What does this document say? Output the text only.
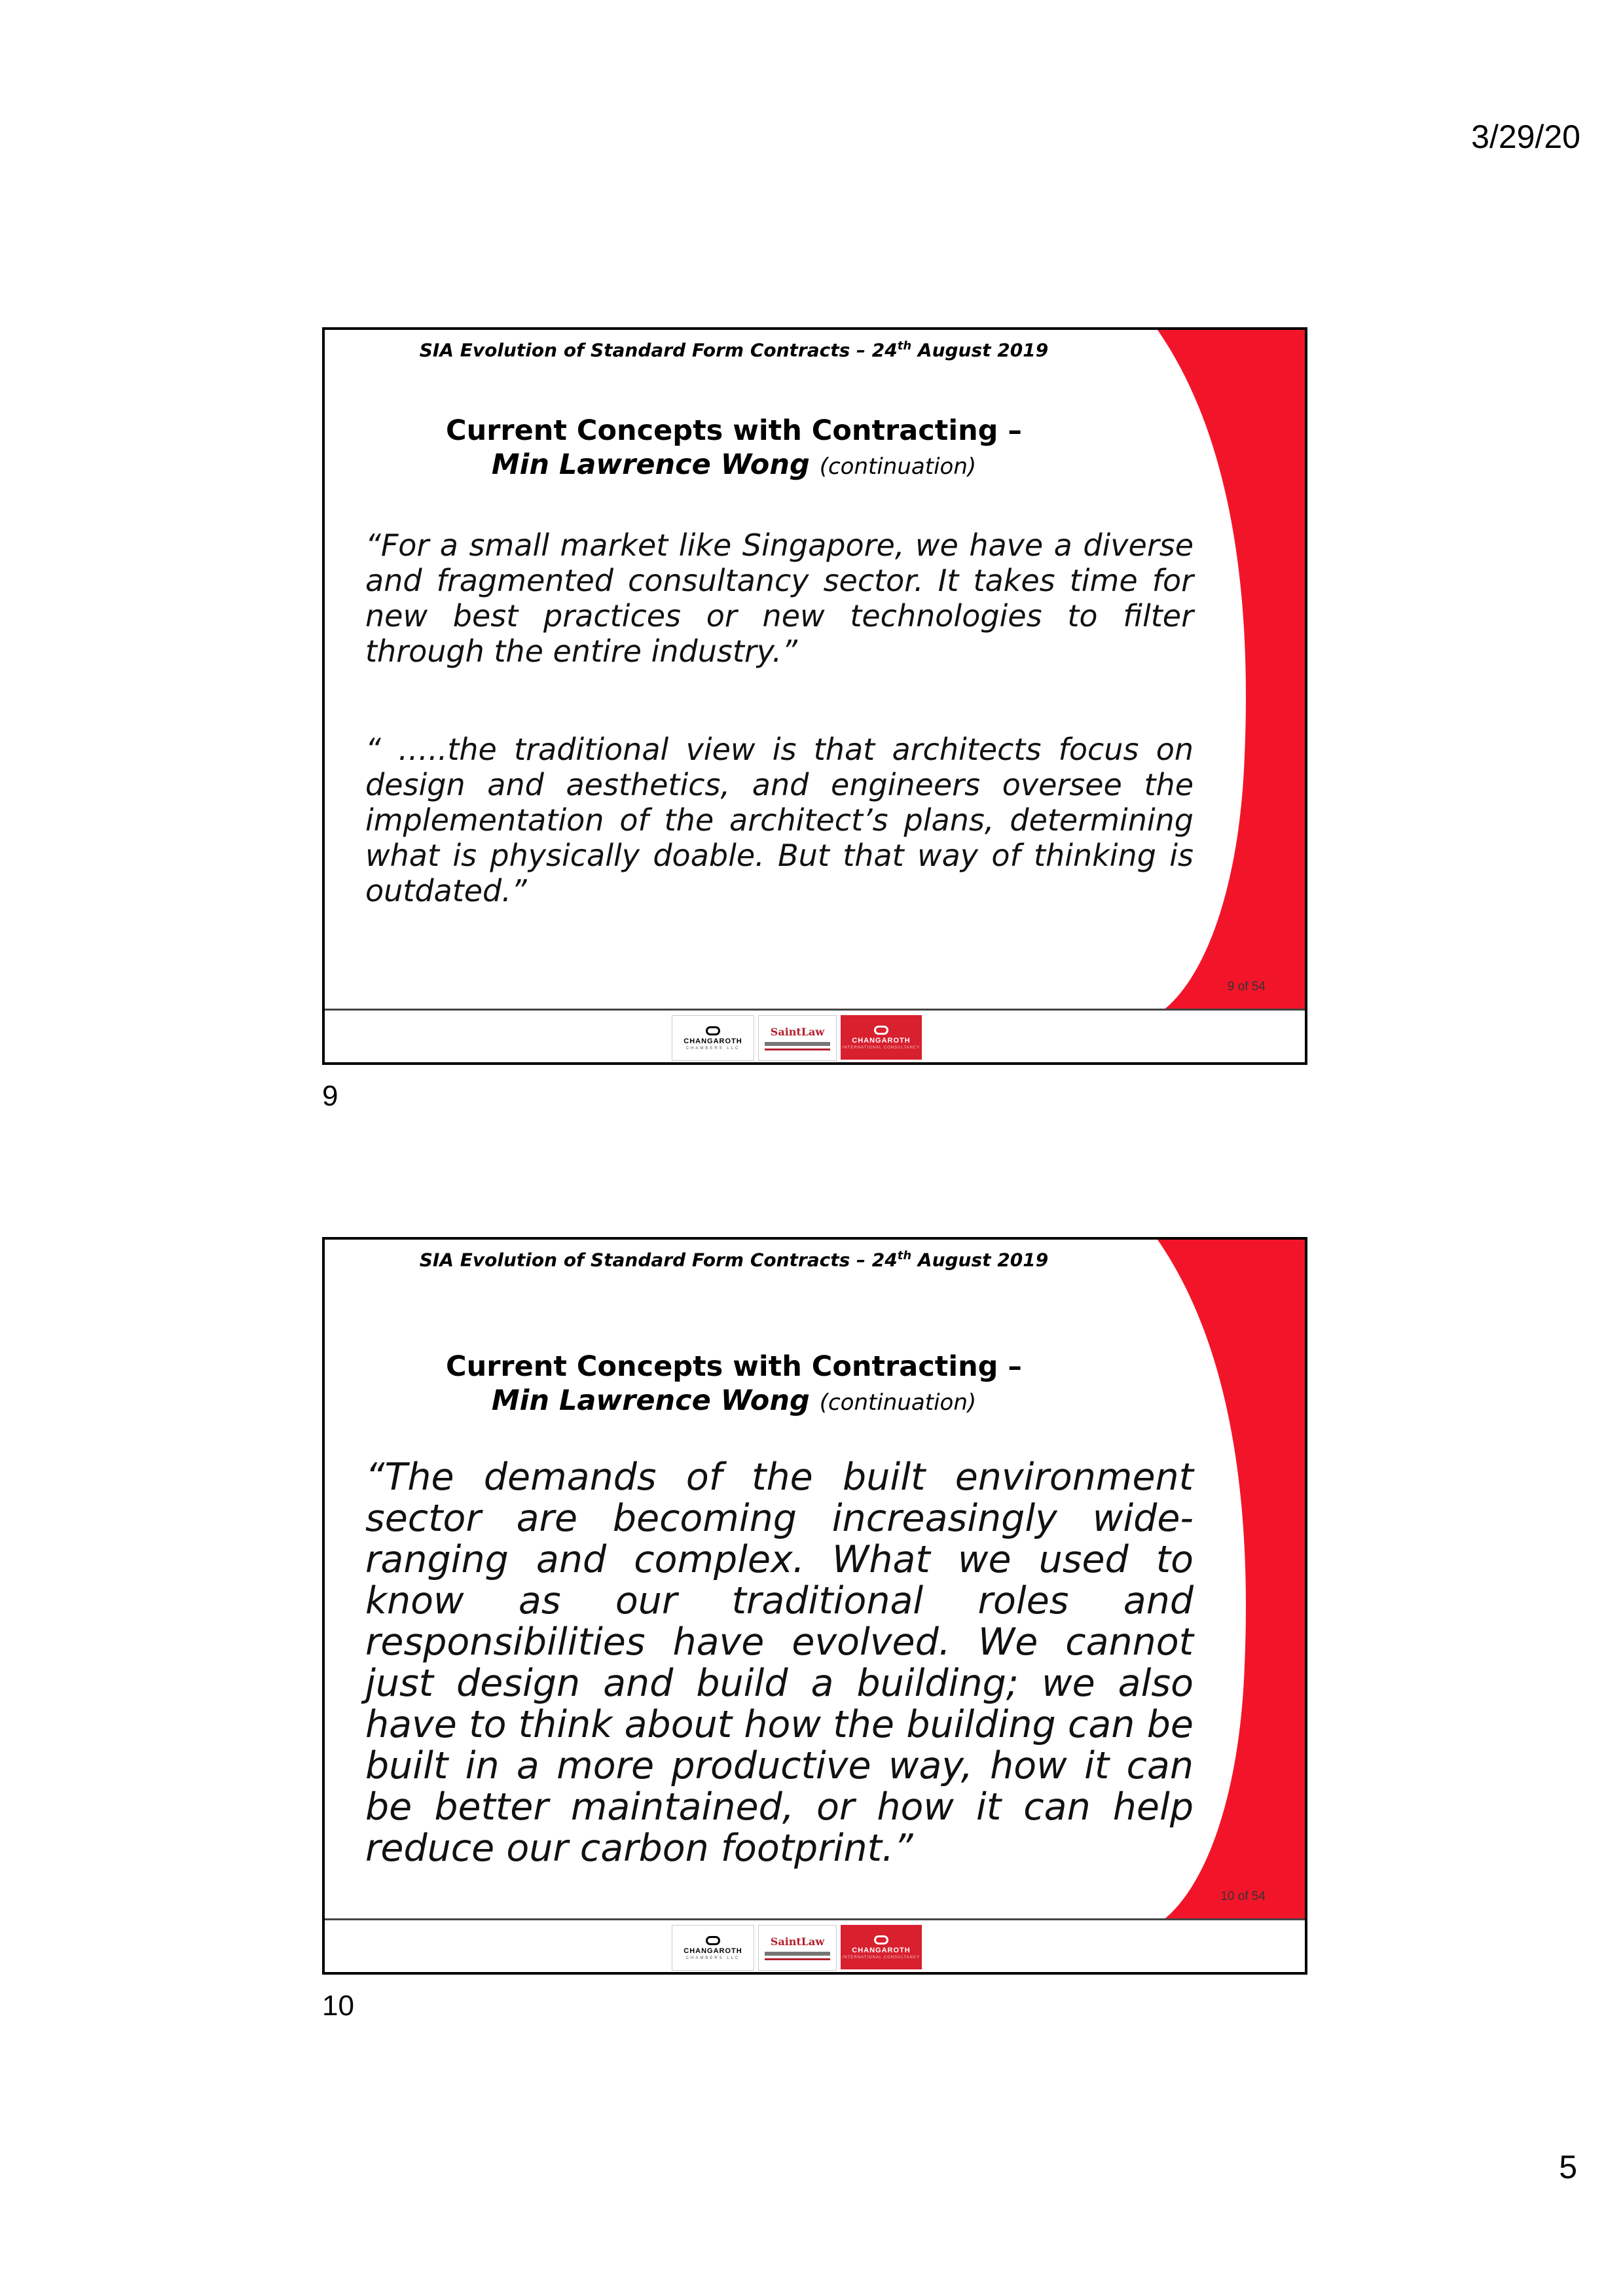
3/29/20
SIA Evolution of Standard Form Contracts – 24th August 2019
Current Concepts with Contracting –
Min Lawrence Wong (continuation)
“For a small market like Singapore, we have a diverse and fragmented consultancy sector. It takes time for new best practices or new technologies to filter through the entire industry.”
“ …..the traditional view is that architects focus on design and aesthetics, and engineers oversee the implementation of the architect’s plans, determining what is physically doable. But that way of thinking is outdated.”
9 of 54
CHANGAROTH
CHAMBERS LLC
SaintLaw
CHANGAROTH
INTERNATIONAL CONSULTANCY
9
SIA Evolution of Standard Form Contracts – 24th August 2019
Current Concepts with Contracting –
Min Lawrence Wong (continuation)
“The demands of the built environment sector are becoming increasingly wide-ranging and complex. What we used to know as our traditional roles and responsibilities have evolved. We cannot just design and build a building; we also have to think about how the building can be built in a more productive way, how it can be better maintained, or how it can help reduce our carbon footprint.”
10 of 54
CHANGAROTH
CHAMBERS LLC
SaintLaw
CHANGAROTH
INTERNATIONAL CONSULTANCY
10
5
